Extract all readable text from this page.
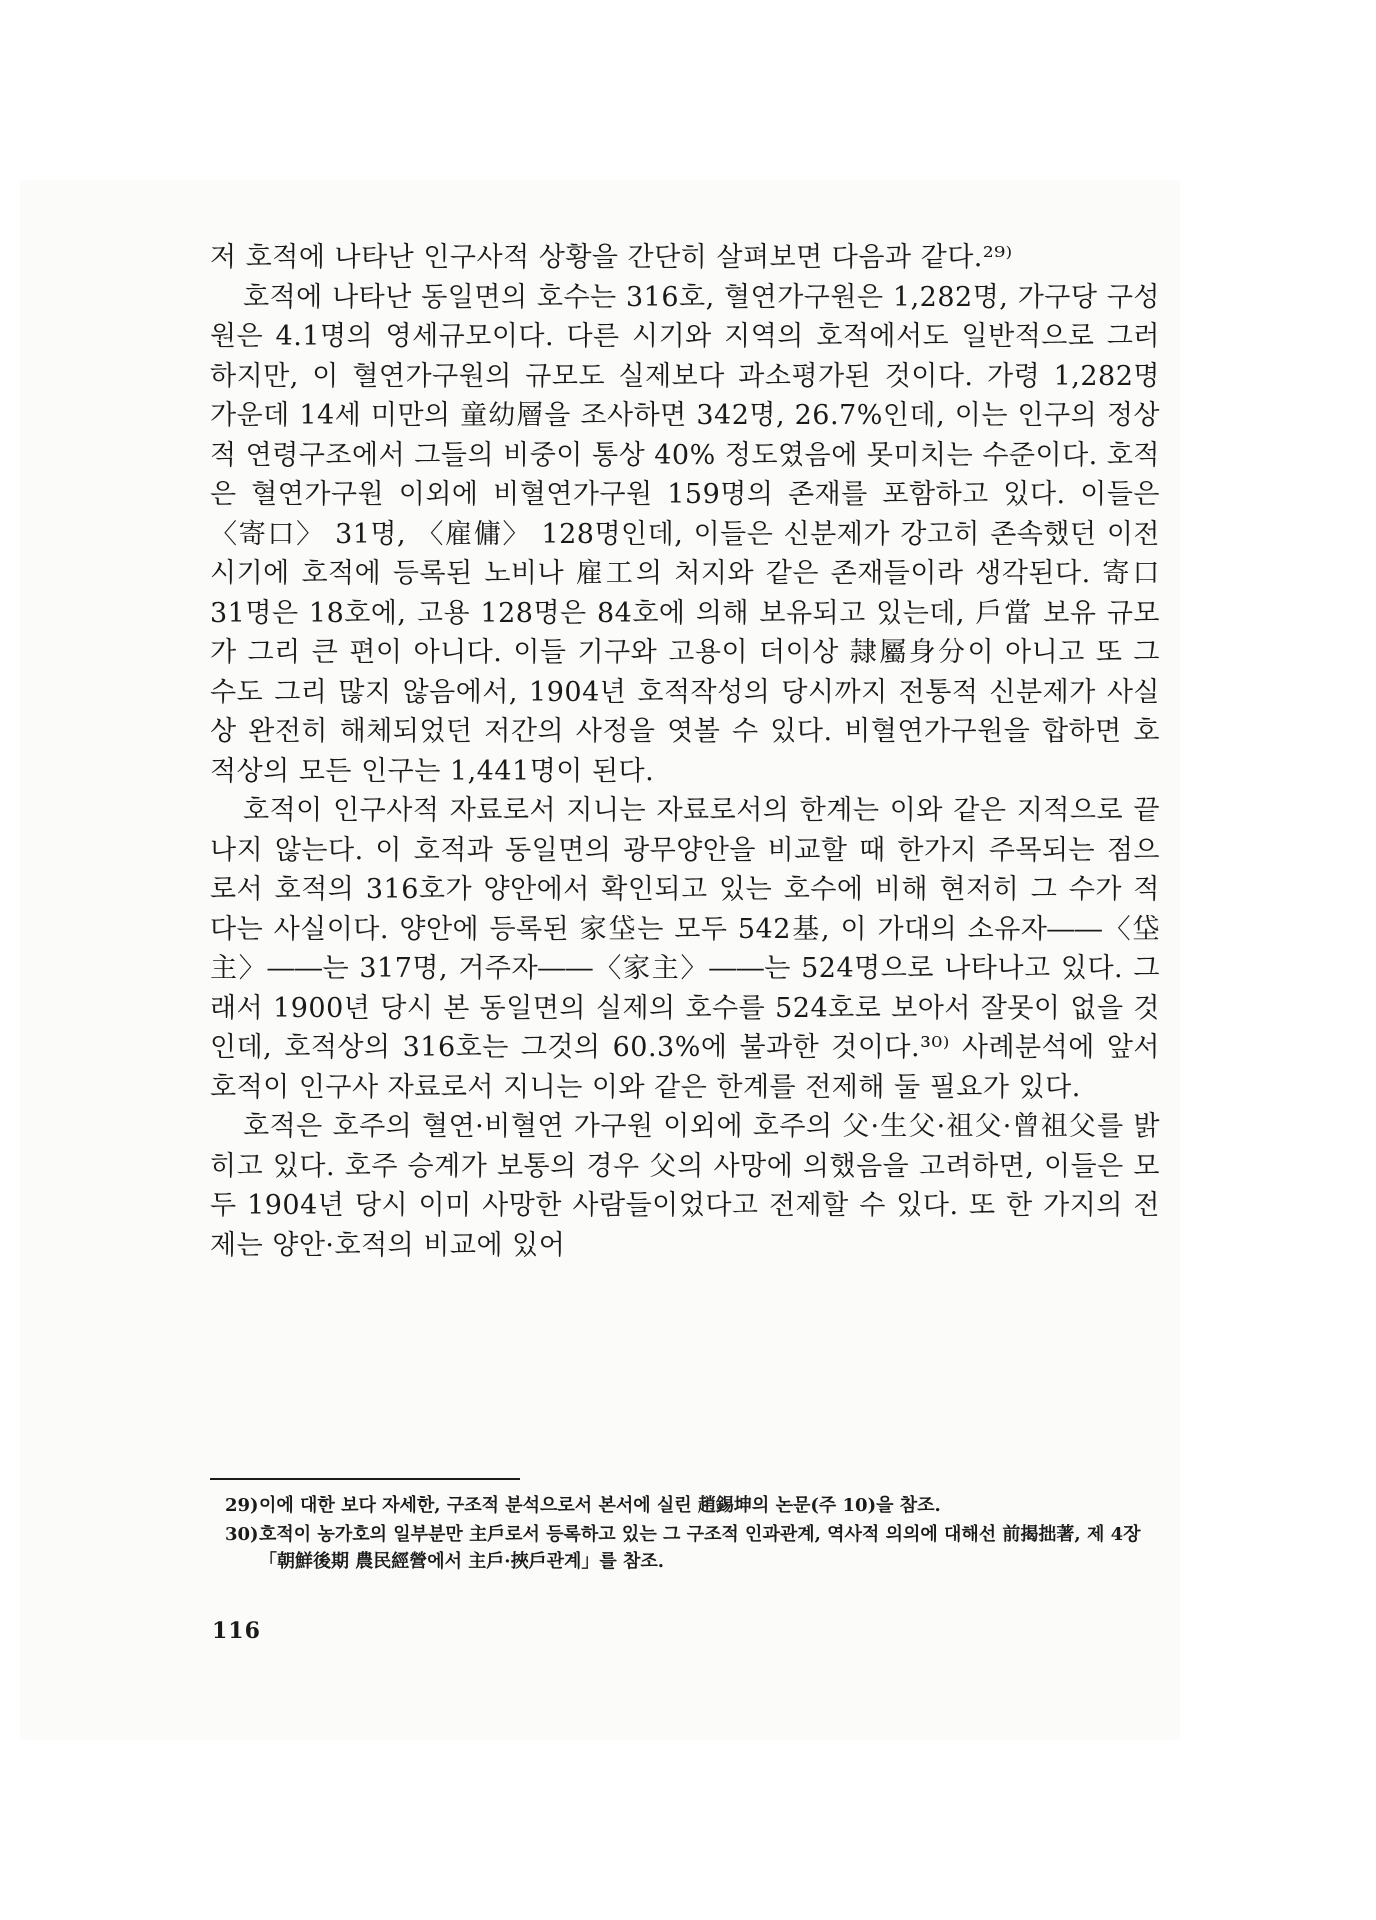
저 호적에 나타난 인구사적 상황을 간단히 살펴보면 다음과 같다.²⁹⁾

호적에 나타난 동일면의 호수는 316호, 혈연가구원은 1,282명, 가구당 구성원은 4.1명의 영세규모이다. 다른 시기와 지역의 호적에서도 일반적으로 그러하지만, 이 혈연가구원의 규모도 실제보다 과소평가된 것이다. 가령 1,282명 가운데 14세 미만의 童幼層을 조사하면 342명, 26.7%인데, 이는 인구의 정상적 연령구조에서 그들의 비중이 통상 40% 정도였음에 못미치는 수준이다. 호적은 혈연가구원 이외에 비혈연가구원 159명의 존재를 포함하고 있다. 이들은 〈寄口〉 31명, 〈雇傭〉 128명인데, 이들은 신분제가 강고히 존속했던 이전 시기에 호적에 등록된 노비나 雇工의 처지와 같은 존재들이라 생각된다. 寄口 31명은 18호에, 고용 128명은 84호에 의해 보유되고 있는데, 戶當 보유 규모가 그리 큰 편이 아니다. 이들 기구와 고용이 더이상 隷屬身分이 아니고 또 그 수도 그리 많지 않음에서, 1904년 호적작성의 당시까지 전통적 신분제가 사실상 완전히 해체되었던 저간의 사정을 엿볼 수 있다. 비혈연가구원을 합하면 호적상의 모든 인구는 1,441명이 된다.

호적이 인구사적 자료로서 지니는 자료로서의 한계는 이와 같은 지적으로 끝나지 않는다. 이 호적과 동일면의 광무양안을 비교할 때 한가지 주목되는 점으로서 호적의 316호가 양안에서 확인되고 있는 호수에 비해 현저히 그 수가 적다는 사실이다. 양안에 등록된 家垈는 모두 542基, 이 가대의 소유자――〈垈主〉――는 317명, 거주자――〈家主〉――는 524명으로 나타나고 있다. 그래서 1900년 당시 본 동일면의 실제의 호수를 524호로 보아서 잘못이 없을 것인데, 호적상의 316호는 그것의 60.3%에 불과한 것이다.³⁰⁾ 사례분석에 앞서 호적이 인구사 자료로서 지니는 이와 같은 한계를 전제해 둘 필요가 있다.

호적은 호주의 혈연·비혈연 가구원 이외에 호주의 父·生父·祖父·曾祖父를 밝히고 있다. 호주 승계가 보통의 경우 父의 사망에 의했음을 고려하면, 이들은 모두 1904년 당시 이미 사망한 사람들이었다고 전제할 수 있다. 또 한 가지의 전제는 양안·호적의 비교에 있어

29) 이에 대한 보다 자세한, 구조적 분석으로서 본서에 실린 趙錫坤의 논문(주 10)을 참조.
30) 호적이 농가호의 일부분만 主戶로서 등록하고 있는 그 구조적 인과관계, 역사적 의의에 대해선 前揭拙著, 제 4장 「朝鮮後期 農民經營에서 主戶·挾戶관계」를 참조.
116
